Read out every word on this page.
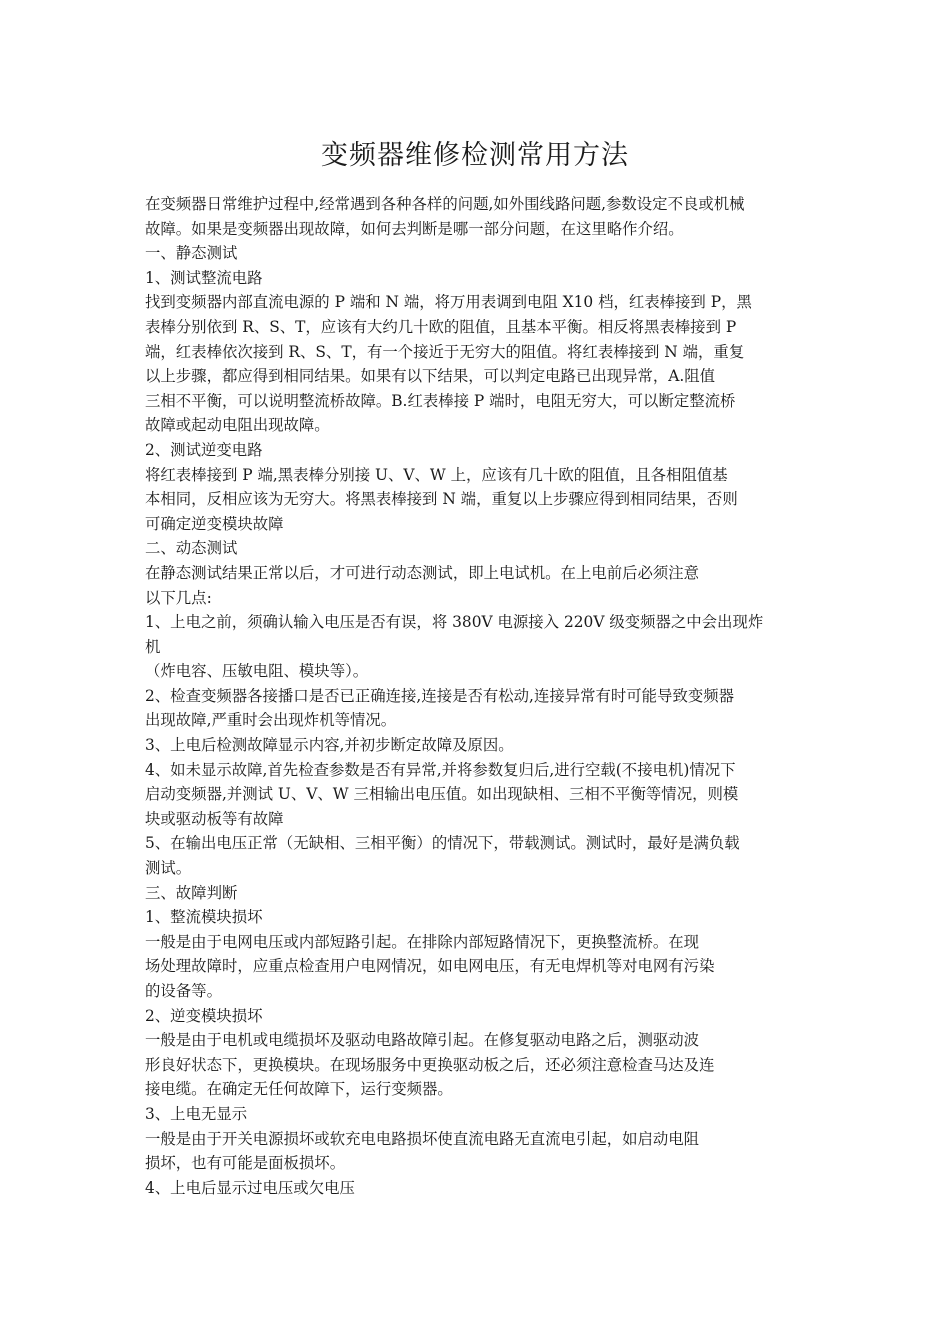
变频器维修检测常用方法

在变频器日常维护过程中,经常遇到各种各样的问题,如外围线路问题,参数设定不良或机械

故障。如果是变频器出现故障，如何去判断是哪一部分问题，在这里略作介绍。

一、静态测试

1、测试整流电路

找到变频器内部直流电源的 P 端和 N 端，将万用表调到电阻 X10 档，红表棒接到 P，黑

表棒分别依到 R、S、T，应该有大约几十欧的阻值，且基本平衡。相反将黑表棒接到 P

端，红表棒依次接到 R、S、T，有一个接近于无穷大的阻值。将红表棒接到 N 端，重复

以上步骤，都应得到相同结果。如果有以下结果，可以判定电路已出现异常，A.阻值

三相不平衡，可以说明整流桥故障。B.红表棒接 P 端时，电阻无穷大，可以断定整流桥

故障或起动电阻出现故障。

2、测试逆变电路

将红表棒接到 P 端,黑表棒分别接 U、V、W 上，应该有几十欧的阻值，且各相阻值基

本相同，反相应该为无穷大。将黑表棒接到 N 端，重复以上步骤应得到相同结果，否则

可确定逆变模块故障

二、动态测试

在静态测试结果正常以后，才可进行动态测试，即上电试机。在上电前后必须注意

以下几点:

1、上电之前，须确认输入电压是否有误，将 380V 电源接入 220V 级变频器之中会出现炸

机

（炸电容、压敏电阻、模块等）。

2、检查变频器各接播口是否已正确连接,连接是否有松动,连接异常有时可能导致变频器

出现故障,严重时会出现炸机等情况。

3、上电后检测故障显示内容,并初步断定故障及原因。

4、如未显示故障,首先检查参数是否有异常,并将参数复归后,进行空载(不接电机)情况下

启动变频器,并测试 U、V、W 三相输出电压值。如出现缺相、三相不平衡等情况，则模

块或驱动板等有故障

5、在输出电压正常（无缺相、三相平衡）的情况下，带载测试。测试时，最好是满负载

测试。

三、故障判断

1、整流模块损坏

一般是由于电网电压或内部短路引起。在排除内部短路情况下，更换整流桥。在现

场处理故障时，应重点检查用户电网情况，如电网电压，有无电焊机等对电网有污染

的设备等。

2、逆变模块损坏

一般是由于电机或电缆损坏及驱动电路故障引起。在修复驱动电路之后，测驱动波

形良好状态下，更换模块。在现场服务中更换驱动板之后，还必须注意检查马达及连

接电缆。在确定无任何故障下，运行变频器。

3、上电无显示

一般是由于开关电源损坏或软充电电路损坏使直流电路无直流电引起，如启动电阻

损坏，也有可能是面板损坏。

4、上电后显示过电压或欠电压
